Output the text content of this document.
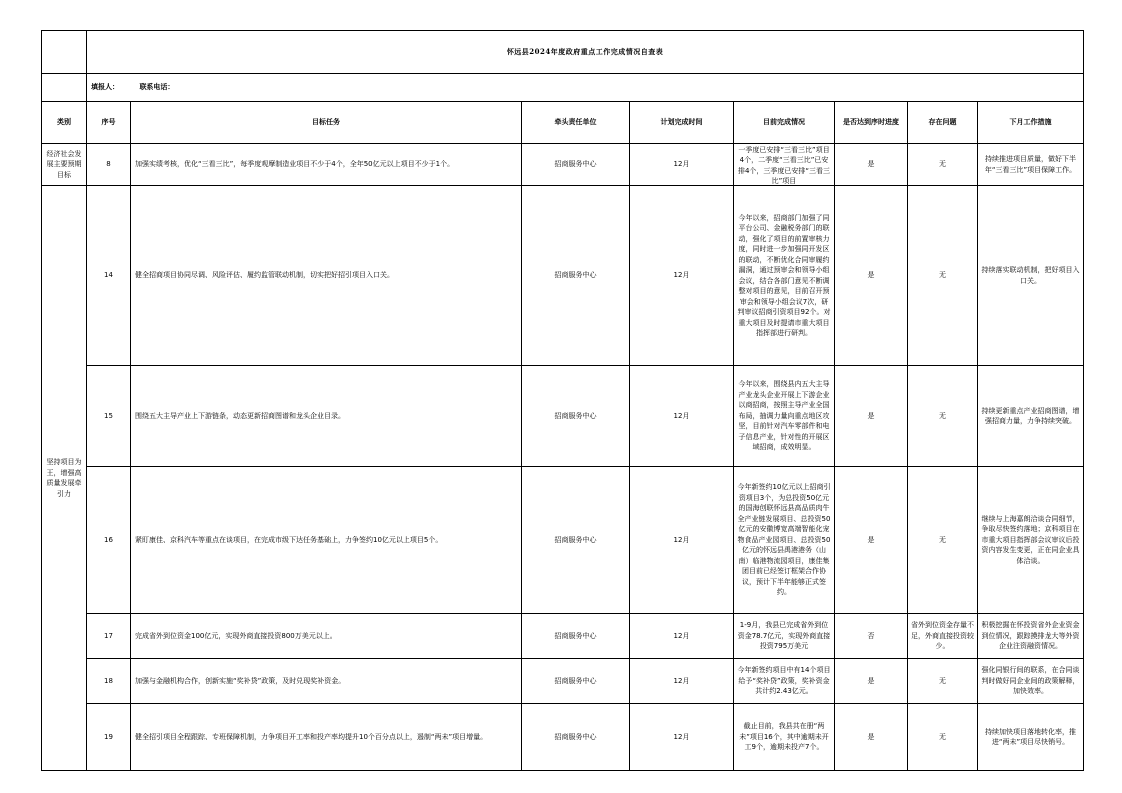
	怀远县2024年度政府重点工作完成情况自查表							
	填报人： 联系电话：							
类别	序号	目标任务	牵头责任单位	计划完成时间	目前完成情况	是否达到序时进度	存在问题	下月工作措施
经济社会发展主要预期目标	8	加强实绩考核，优化“三看三比”，每季度观摩制造业项目不少于4个，全年50亿元以上项目不少于1个。	招商服务中心	12月	一季度已安排“三看三比”项目4个，二季度“三看三比”已安排4个，三季度已安排“三看三比”项目	是	无	持续推进项目质量，做好下半年“三看三比”项目保障工作。
坚持项目为王，增强高质量发展牵引力	14	健全招商项目协同尽调、风险评估、履约监管联动机制，切实把好招引项目入口关。	招商服务中心	12月	今年以来，招商部门加强了同平台公司、金融税务部门的联动，强化了项目的前置审核力度，同时进一步加强同开发区的联动，不断优化合同审履约漏洞，通过预审会和领导小组会议，结合各部门意见不断调整对项目的意见，目前召开预审会和领导小组会议7次，研判审议招商引资项目92个。对重大项目及时提请市重大项目指挥部进行研判。	是	无	持续落实联动机制，把好项目入口关。
	15	围绕五大主导产业上下游链条，动态更新招商图谱和龙头企业目录。	招商服务中心	12月	今年以来，围绕县内五大主导产业龙头企业开展上下游企业以商招商，按照主导产业全国布局，抽调力量向重点地区攻坚，目前针对汽车零部件和电子信息产业，针对性的开展区域招商，成效明显。	是	无	持续更新重点产业招商图谱，增强招商力量，力争持续突破。
	16	紧盯康佳、京科汽车等重点在谈项目，在完成市级下达任务基础上，力争签约10亿元以上项目5个。	招商服务中心	12月	今年新签约10亿元以上招商引资项目3个，为总投资50亿元的国海创联怀远县高品质肉牛全产业链发展项目、总投资50亿元的安徽博宽高端智能化宠物食品产业园项目、总投资50亿元的怀远县禹港港务（山南）临港物流园项目，康佳集团目前已经签订框架合作协议，预计下半年能够正式签约。	是	无	继续与上海嘉朗洽谈合同细节，争取尽快签约落地；京科项目在市重大项目指挥部会议审议后投资内容发生变更，正在同企业具体洽谈。
	17	完成省外到位资金100亿元，实现外商直接投资800万美元以上。	招商服务中心	12月	1-9月，我县已完成省外到位资金78.7亿元，实现外商直接投资795万美元	否	省外到位资金存量不足，外商直接投资较少。	积极挖掘在怀投资省外企业资金到位情况，跟踪摸排龙大等外资企业注资融资情况。
	18	加强与金融机构合作，创新实施“奖补贷”政策，及时兑现奖补资金。	招商服务中心	12月	今年新签约项目中有14个项目给予“奖补贷”政策，奖补资金共计约2.43亿元。	是	无	强化同银行间的联系，在合同谈判时做好同企业间的政策解释，加快效率。
	19	健全招引项目全程跟踪、专班保障机制，力争项目开工率和投产率均提升10个百分点以上，遏制“两未”项目增量。	招商服务中心	12月	截止目前，我县共在册“两未”项目16个，其中逾期未开工9个，逾期未投产7个。	是	无	持续加快项目落地转化率，推进“两未”项目尽快销号。
